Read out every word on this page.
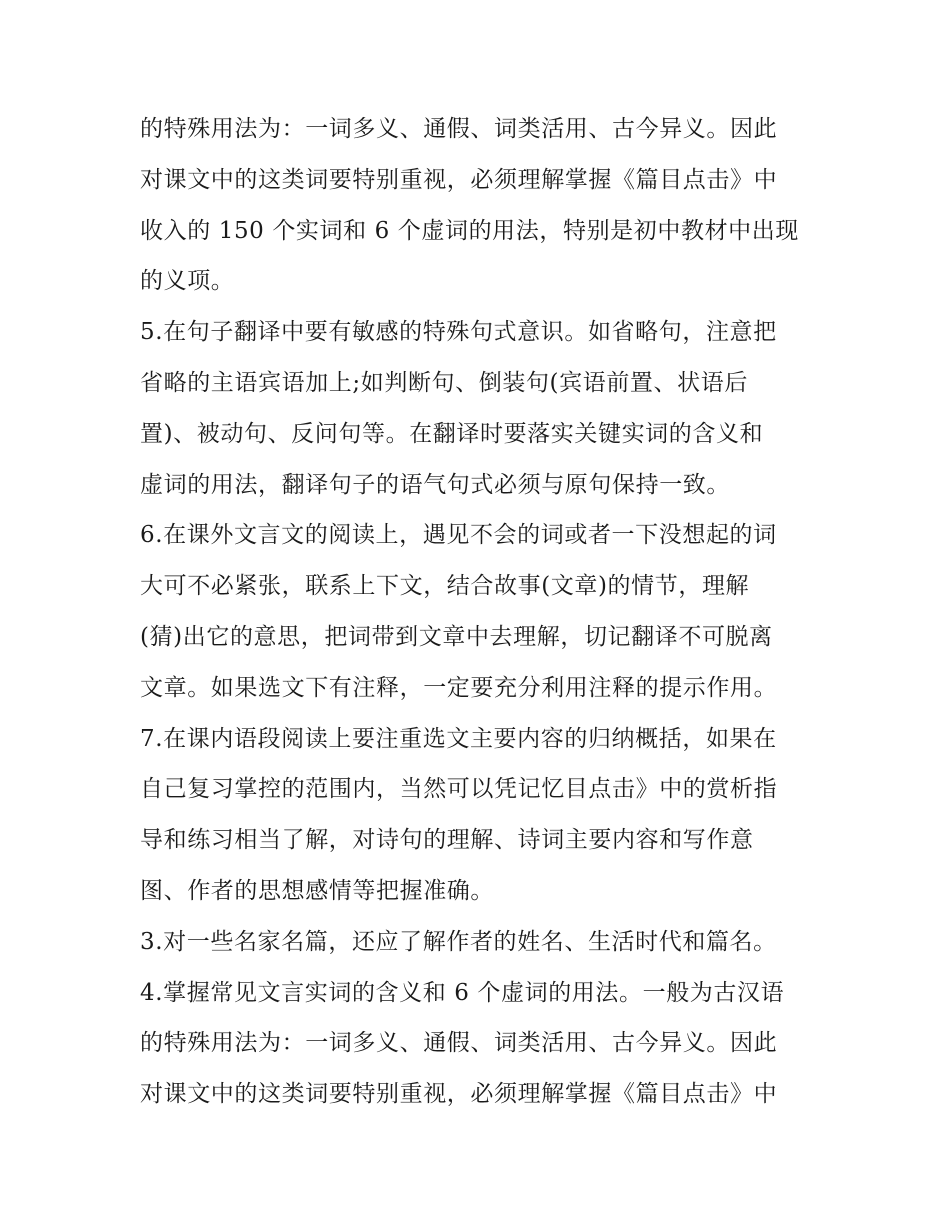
的特殊用法为：一词多义、通假、词类活用、古今异义。因此
对课文中的这类词要特别重视，必须理解掌握《篇目点击》中
收入的 150 个实词和 6 个虚词的用法，特别是初中教材中出现
的义项。
5.在句子翻译中要有敏感的特殊句式意识。如省略句，注意把
省略的主语宾语加上;如判断句、倒装句(宾语前置、状语后
置)、被动句、反问句等。在翻译时要落实关键实词的含义和
虚词的用法，翻译句子的语气句式必须与原句保持一致。
6.在课外文言文的阅读上，遇见不会的词或者一下没想起的词
大可不必紧张，联系上下文，结合故事(文章)的情节，理解
(猜)出它的意思，把词带到文章中去理解，切记翻译不可脱离
文章。如果选文下有注释，一定要充分利用注释的提示作用。
7.在课内语段阅读上要注重选文主要内容的归纳概括，如果在
自己复习掌控的范围内，当然可以凭记忆目点击》中的赏析指
导和练习相当了解，对诗句的理解、诗词主要内容和写作意
图、作者的思想感情等把握准确。
3.对一些名家名篇，还应了解作者的姓名、生活时代和篇名。
4.掌握常见文言实词的含义和 6 个虚词的用法。一般为古汉语
的特殊用法为：一词多义、通假、词类活用、古今异义。因此
对课文中的这类词要特别重视，必须理解掌握《篇目点击》中
